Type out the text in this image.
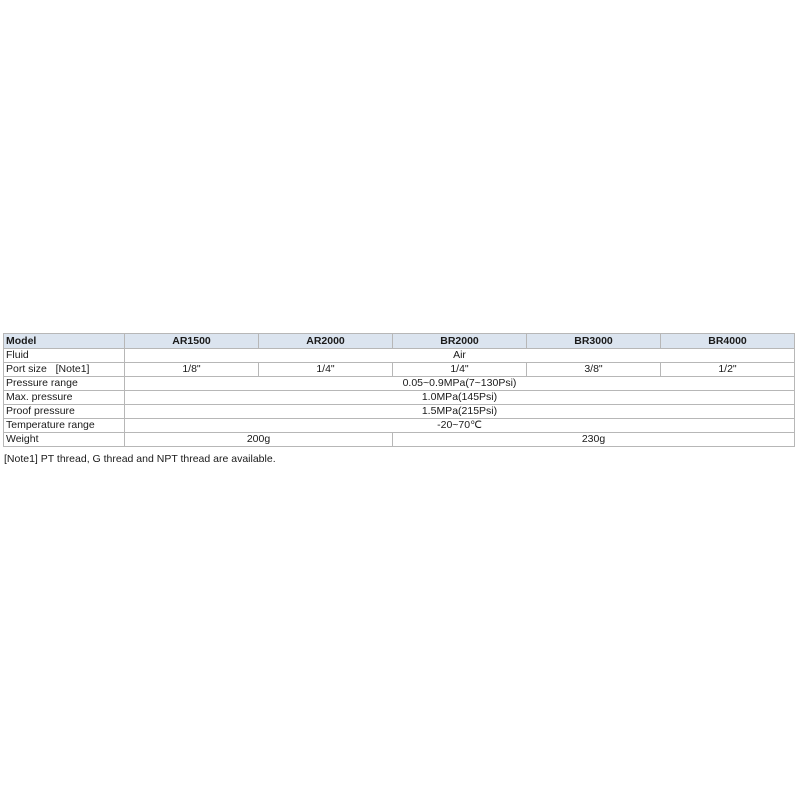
Model	AR1500	AR2000	BR2000	BR3000	BR4000
Fluid	Air				
Port size   [Note1]	1/8"	1/4"	1/4"	3/8"	1/2"
Pressure range	0.05~0.9MPa(7~130Psi)				
Max. pressure	1.0MPa(145Psi)				
Proof pressure	1.5MPa(215Psi)				
Temperature range	-20~70℃				
Weight	200g		230g		
[Note1] PT thread, G thread and NPT thread are available.
